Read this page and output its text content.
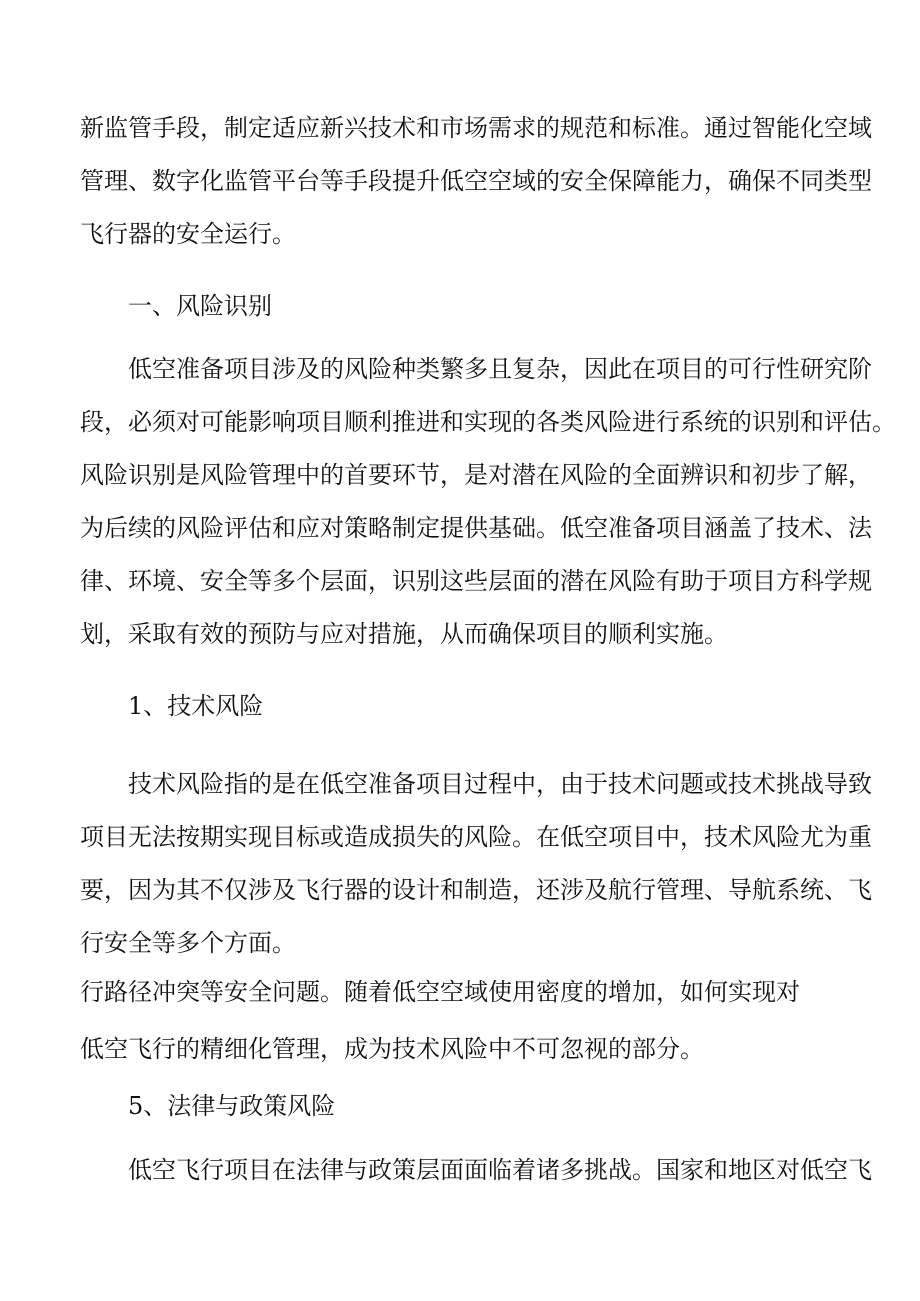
新监管手段，制定适应新兴技术和市场需求的规范和标准。通过智能化空域

管理、数字化监管平台等手段提升低空空域的安全保障能力，确保不同类型

飞行器的安全运行。

一、风险识别

低空准备项目涉及的风险种类繁多且复杂，因此在项目的可行性研究阶

段，必须对可能影响项目顺利推进和实现的各类风险进行系统的识别和评估。

风险识别是风险管理中的首要环节，是对潜在风险的全面辨识和初步了解，

为后续的风险评估和应对策略制定提供基础。低空准备项目涵盖了技术、法

律、环境、安全等多个层面，识别这些层面的潜在风险有助于项目方科学规

划，采取有效的预防与应对措施，从而确保项目的顺利实施。

1、技术风险

技术风险指的是在低空准备项目过程中，由于技术问题或技术挑战导致

项目无法按期实现目标或造成损失的风险。在低空项目中，技术风险尤为重

要，因为其不仅涉及飞行器的设计和制造，还涉及航行管理、导航系统、飞

行安全等多个方面。

行路径冲突等安全问题。随着低空空域使用密度的增加，如何实现对

低空飞行的精细化管理，成为技术风险中不可忽视的部分。

5、法律与政策风险

低空飞行项目在法律与政策层面面临着诸多挑战。国家和地区对低空飞
